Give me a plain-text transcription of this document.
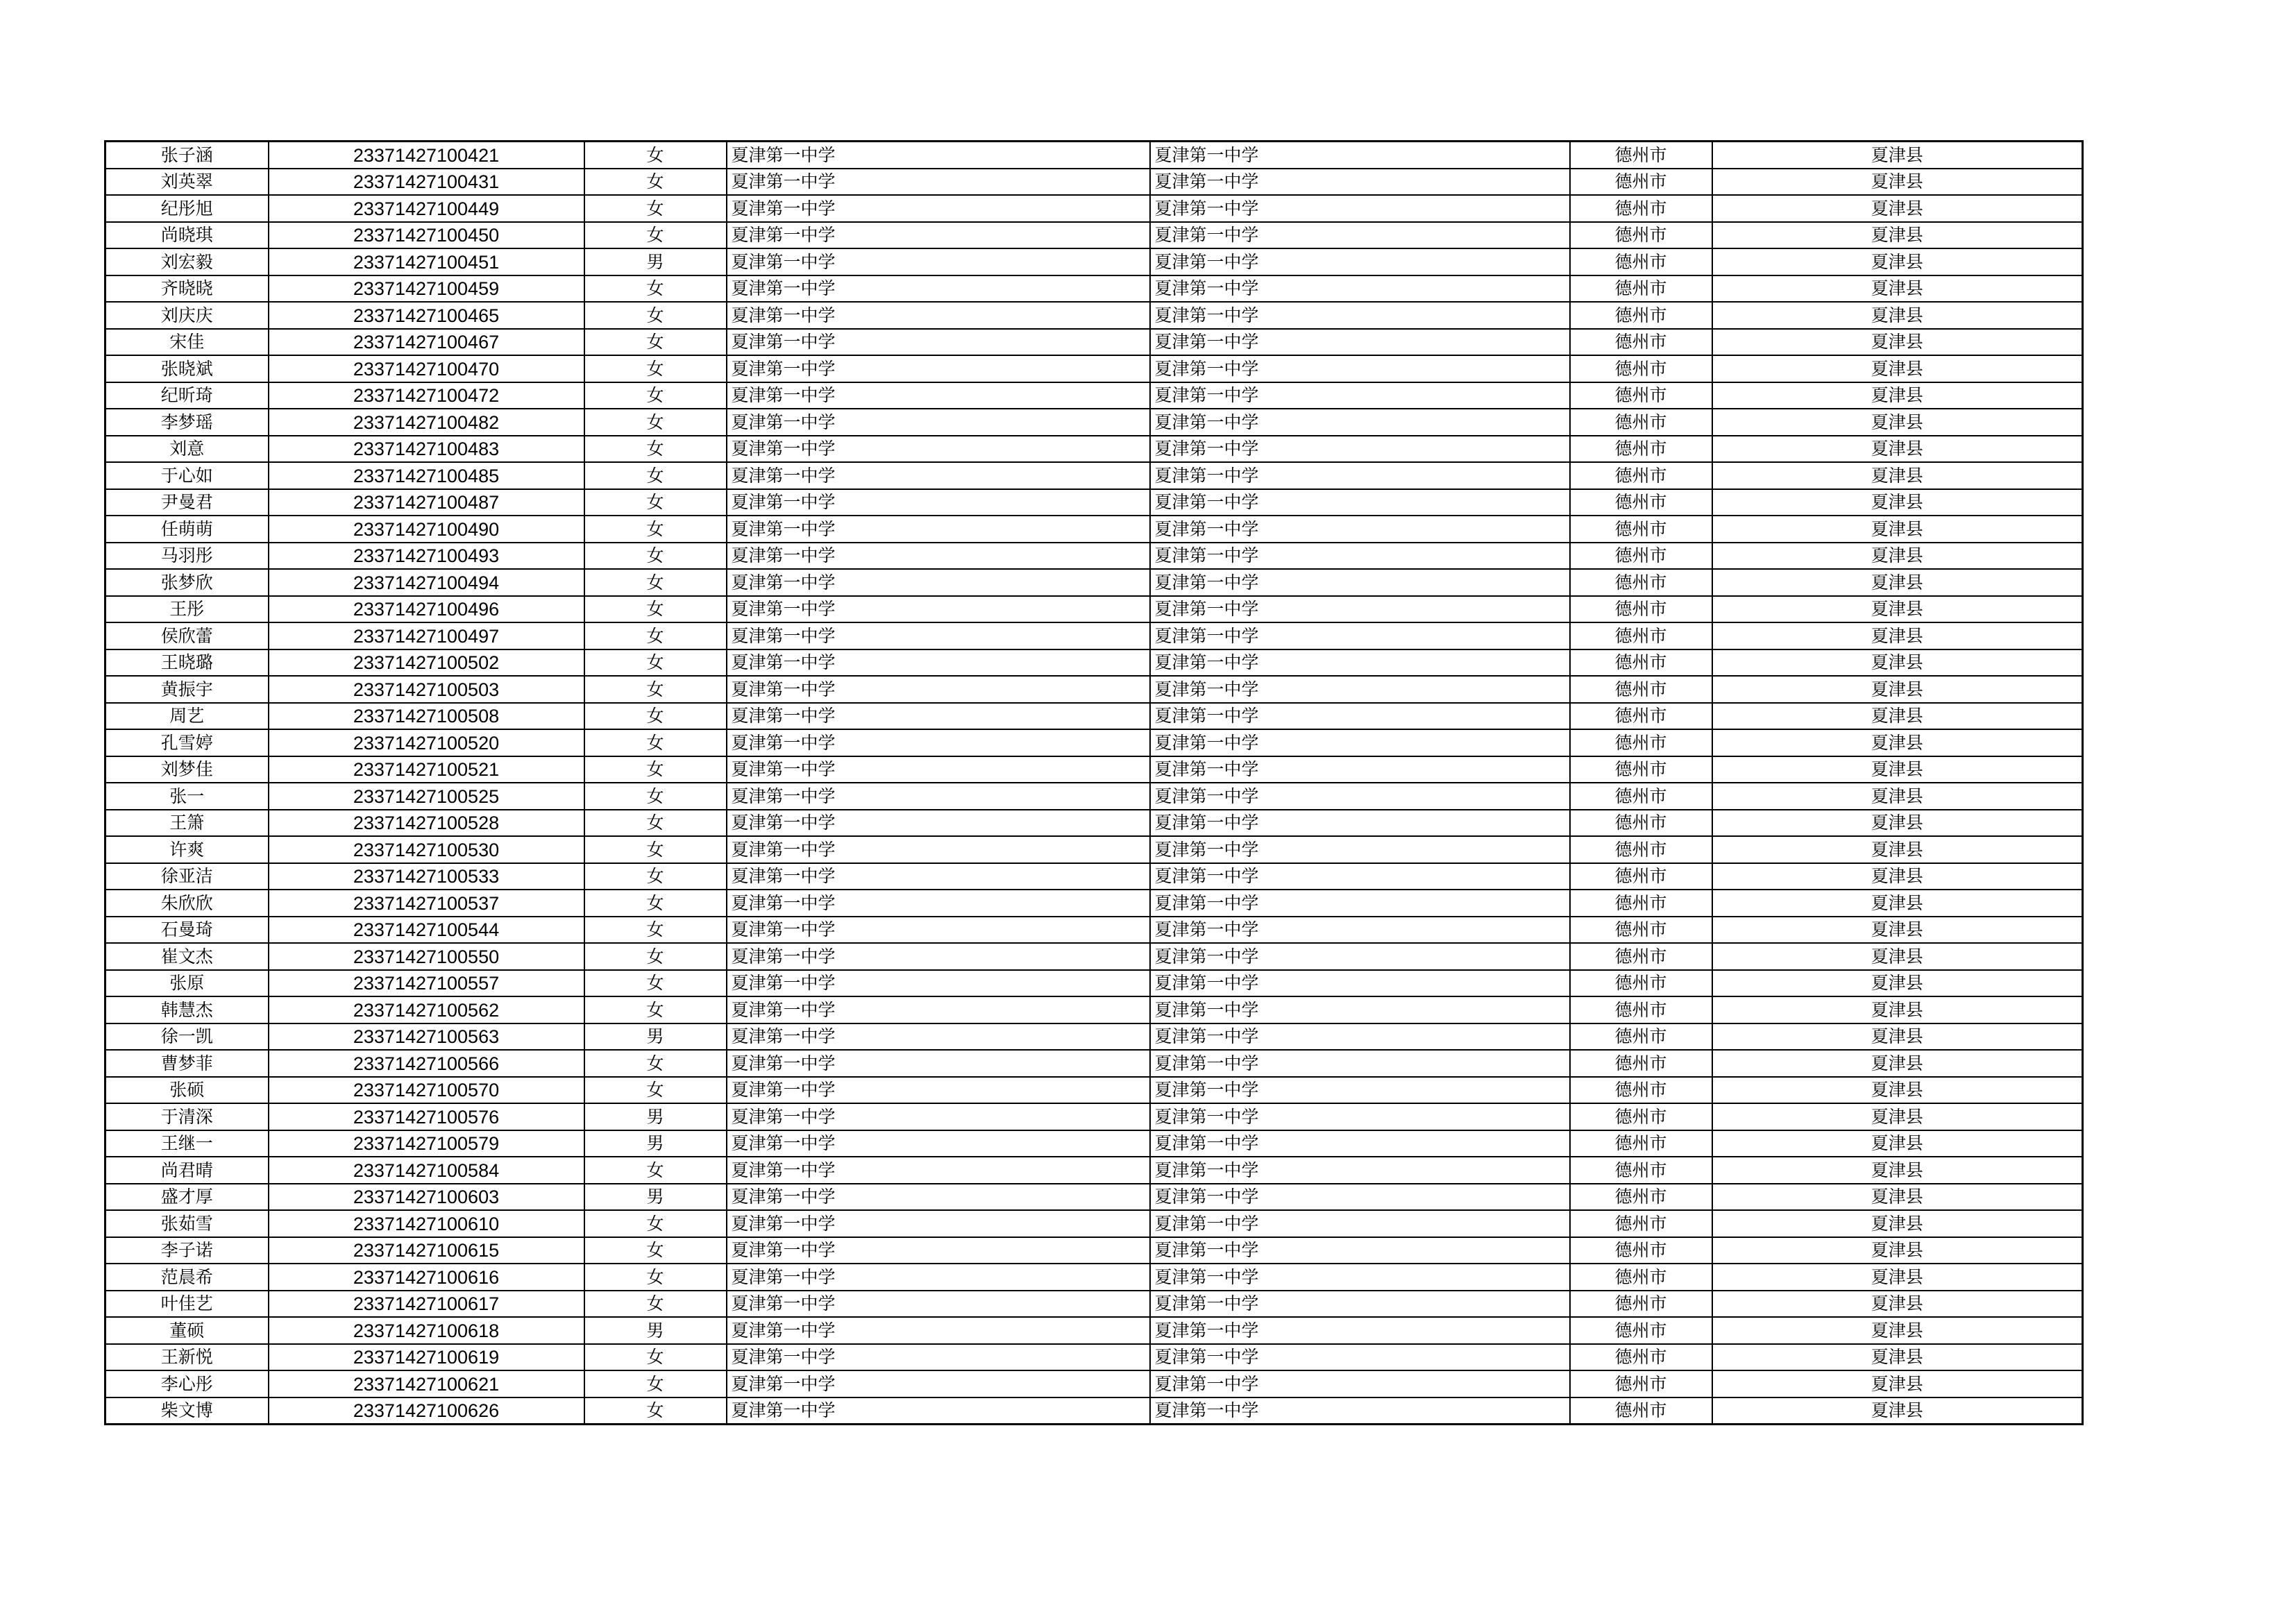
张子涵	23371427100421	女	夏津第一中学	夏津第一中学	德州市	夏津县
刘英翠	23371427100431	女	夏津第一中学	夏津第一中学	德州市	夏津县
纪彤旭	23371427100449	女	夏津第一中学	夏津第一中学	德州市	夏津县
尚晓琪	23371427100450	女	夏津第一中学	夏津第一中学	德州市	夏津县
刘宏毅	23371427100451	男	夏津第一中学	夏津第一中学	德州市	夏津县
齐晓晓	23371427100459	女	夏津第一中学	夏津第一中学	德州市	夏津县
刘庆庆	23371427100465	女	夏津第一中学	夏津第一中学	德州市	夏津县
宋佳	23371427100467	女	夏津第一中学	夏津第一中学	德州市	夏津县
张晓斌	23371427100470	女	夏津第一中学	夏津第一中学	德州市	夏津县
纪昕琦	23371427100472	女	夏津第一中学	夏津第一中学	德州市	夏津县
李梦瑶	23371427100482	女	夏津第一中学	夏津第一中学	德州市	夏津县
刘意	23371427100483	女	夏津第一中学	夏津第一中学	德州市	夏津县
于心如	23371427100485	女	夏津第一中学	夏津第一中学	德州市	夏津县
尹曼君	23371427100487	女	夏津第一中学	夏津第一中学	德州市	夏津县
任萌萌	23371427100490	女	夏津第一中学	夏津第一中学	德州市	夏津县
马羽彤	23371427100493	女	夏津第一中学	夏津第一中学	德州市	夏津县
张梦欣	23371427100494	女	夏津第一中学	夏津第一中学	德州市	夏津县
王彤	23371427100496	女	夏津第一中学	夏津第一中学	德州市	夏津县
侯欣蕾	23371427100497	女	夏津第一中学	夏津第一中学	德州市	夏津县
王晓璐	23371427100502	女	夏津第一中学	夏津第一中学	德州市	夏津县
黄振宇	23371427100503	女	夏津第一中学	夏津第一中学	德州市	夏津县
周艺	23371427100508	女	夏津第一中学	夏津第一中学	德州市	夏津县
孔雪婷	23371427100520	女	夏津第一中学	夏津第一中学	德州市	夏津县
刘梦佳	23371427100521	女	夏津第一中学	夏津第一中学	德州市	夏津县
张一	23371427100525	女	夏津第一中学	夏津第一中学	德州市	夏津县
王箫	23371427100528	女	夏津第一中学	夏津第一中学	德州市	夏津县
许爽	23371427100530	女	夏津第一中学	夏津第一中学	德州市	夏津县
徐亚洁	23371427100533	女	夏津第一中学	夏津第一中学	德州市	夏津县
朱欣欣	23371427100537	女	夏津第一中学	夏津第一中学	德州市	夏津县
石曼琦	23371427100544	女	夏津第一中学	夏津第一中学	德州市	夏津县
崔文杰	23371427100550	女	夏津第一中学	夏津第一中学	德州市	夏津县
张原	23371427100557	女	夏津第一中学	夏津第一中学	德州市	夏津县
韩慧杰	23371427100562	女	夏津第一中学	夏津第一中学	德州市	夏津县
徐一凯	23371427100563	男	夏津第一中学	夏津第一中学	德州市	夏津县
曹梦菲	23371427100566	女	夏津第一中学	夏津第一中学	德州市	夏津县
张硕	23371427100570	女	夏津第一中学	夏津第一中学	德州市	夏津县
于清深	23371427100576	男	夏津第一中学	夏津第一中学	德州市	夏津县
王继一	23371427100579	男	夏津第一中学	夏津第一中学	德州市	夏津县
尚君晴	23371427100584	女	夏津第一中学	夏津第一中学	德州市	夏津县
盛才厚	23371427100603	男	夏津第一中学	夏津第一中学	德州市	夏津县
张茹雪	23371427100610	女	夏津第一中学	夏津第一中学	德州市	夏津县
李子诺	23371427100615	女	夏津第一中学	夏津第一中学	德州市	夏津县
范晨希	23371427100616	女	夏津第一中学	夏津第一中学	德州市	夏津县
叶佳艺	23371427100617	女	夏津第一中学	夏津第一中学	德州市	夏津县
董硕	23371427100618	男	夏津第一中学	夏津第一中学	德州市	夏津县
王新悦	23371427100619	女	夏津第一中学	夏津第一中学	德州市	夏津县
李心彤	23371427100621	女	夏津第一中学	夏津第一中学	德州市	夏津县
柴文博	23371427100626	女	夏津第一中学	夏津第一中学	德州市	夏津县
